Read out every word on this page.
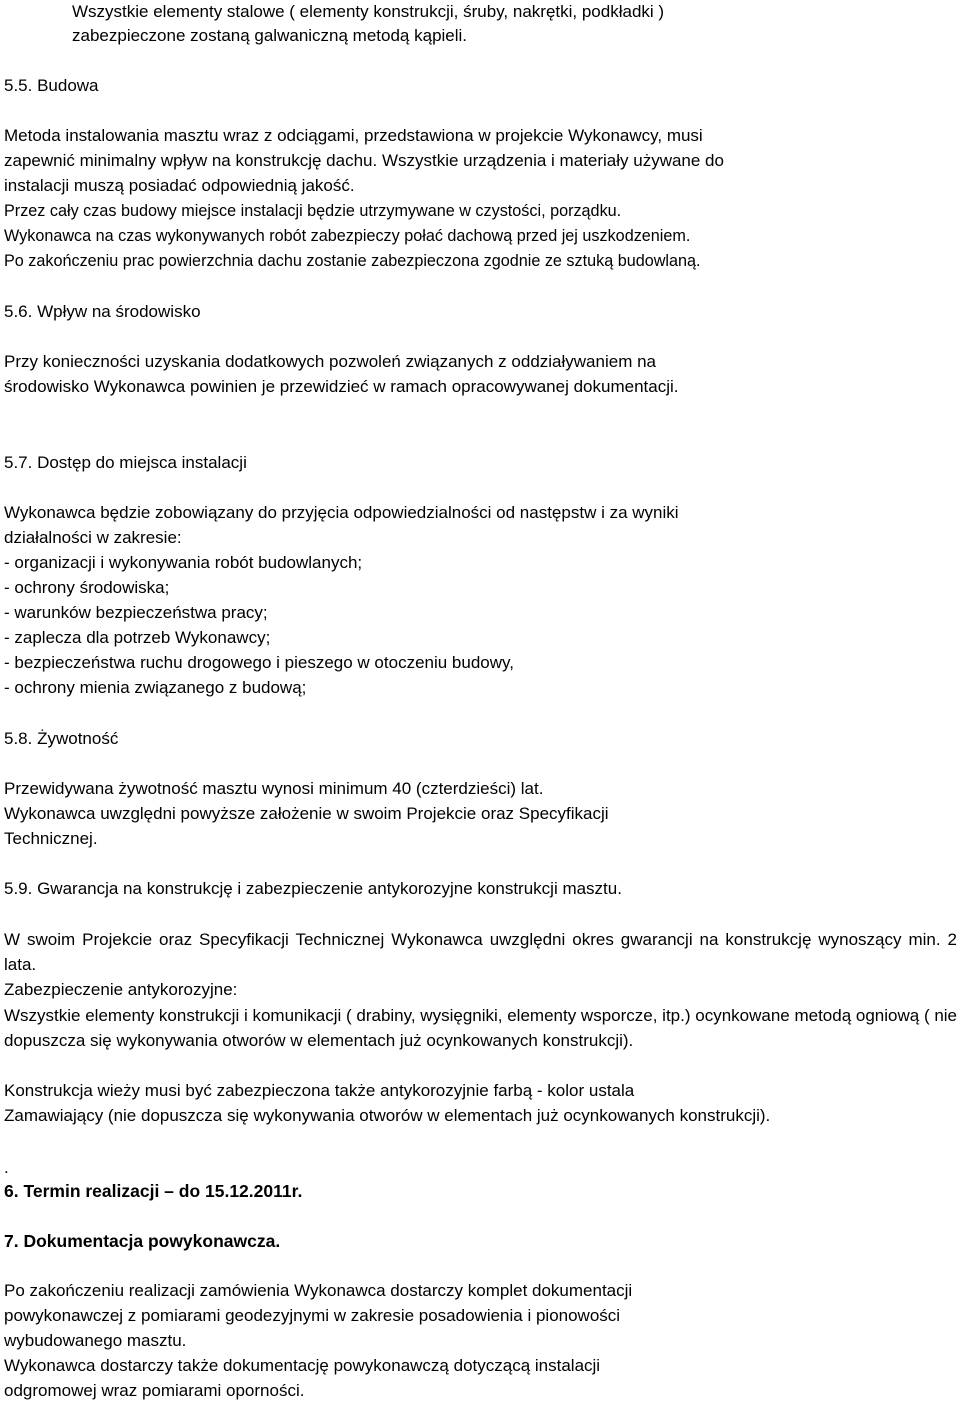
Wszystkie elementy stalowe ( elementy konstrukcji, śruby, nakrętki, podkładki )
zabezpieczone zostaną galwaniczną metodą kąpieli.
5.5. Budowa
Metoda instalowania masztu wraz z odciągami, przedstawiona w projekcie Wykonawcy, musi
zapewnić minimalny wpływ na konstrukcję dachu. Wszystkie urządzenia i materiały używane do
instalacji muszą posiadać odpowiednią jakość.
Przez cały czas budowy miejsce instalacji będzie utrzymywane w czystości, porządku.
Wykonawca na czas wykonywanych robót zabezpieczy połać dachową przed jej uszkodzeniem.
Po zakończeniu prac powierzchnia dachu zostanie zabezpieczona zgodnie ze sztuką budowlaną.
5.6. Wpływ na środowisko
Przy konieczności uzyskania dodatkowych pozwoleń związanych z oddziaływaniem na
środowisko Wykonawca powinien je przewidzieć w ramach opracowywanej dokumentacji.
5.7. Dostęp do miejsca instalacji
Wykonawca będzie zobowiązany do przyjęcia odpowiedzialności od następstw i za wyniki
działalności w zakresie:
- organizacji i wykonywania robót budowlanych;
- ochrony środowiska;
- warunków bezpieczeństwa pracy;
- zaplecza dla potrzeb Wykonawcy;
- bezpieczeństwa ruchu drogowego i pieszego w otoczeniu budowy,
- ochrony mienia związanego z budową;
5.8. Żywotność
Przewidywana żywotność masztu wynosi minimum 40 (czterdzieści) lat.
Wykonawca uwzględni powyższe założenie w swoim Projekcie oraz Specyfikacji
Technicznej.
5.9. Gwarancja na konstrukcję i zabezpieczenie antykorozyjne konstrukcji masztu.
W swoim Projekcie oraz Specyfikacji Technicznej Wykonawca uwzględni okres gwarancji na konstrukcję wynoszący min. 2 lata.
Zabezpieczenie antykorozyjne:
Wszystkie elementy konstrukcji i komunikacji ( drabiny, wysięgniki, elementy wsporcze, itp.) ocynkowane metodą ogniową ( nie dopuszcza się wykonywania otworów w elementach już ocynkowanych konstrukcji).
Konstrukcja wieży musi być zabezpieczona także antykorozyjnie farbą - kolor ustala
Zamawiający (nie dopuszcza się wykonywania otworów w elementach już ocynkowanych konstrukcji).
.
6. Termin realizacji – do 15.12.2011r.
7. Dokumentacja powykonawcza.
Po zakończeniu realizacji zamówienia Wykonawca dostarczy komplet dokumentacji
powykonawczej z pomiarami geodezyjnymi w zakresie posadowienia i pionowości
wybudowanego masztu.
Wykonawca dostarczy także dokumentację powykonawczą dotyczącą instalacji
odgromowej wraz pomiarami oporności.
